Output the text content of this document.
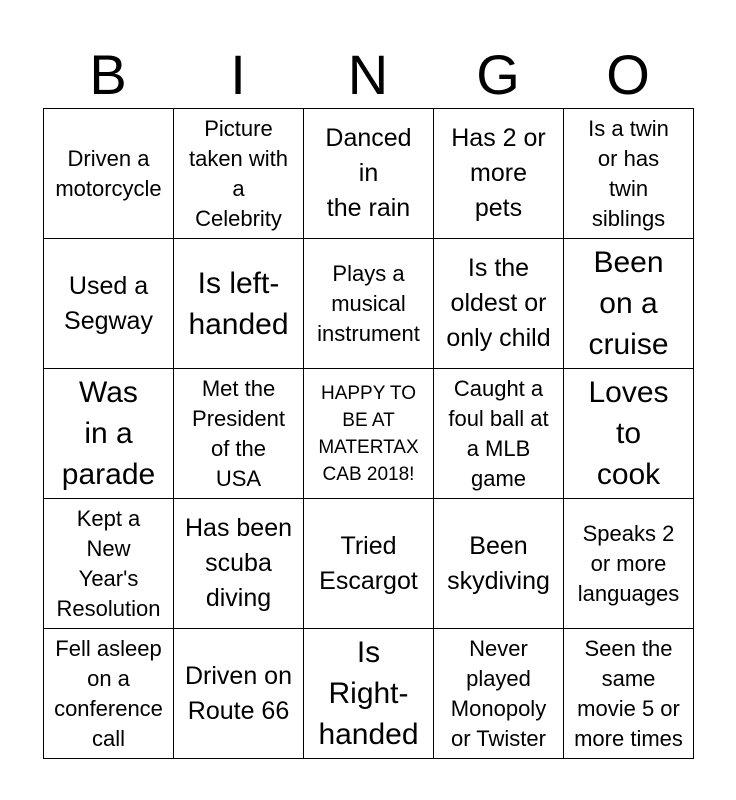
B	I	N	G	O
Driven a
motorcycle	Picture
taken with
a
Celebrity	Danced
in
the rain	Has 2 or
more
pets	Is a twin
or has
twin
siblings

Used a
Segway	Is left-
handed	Plays a
musical
instrument	Is the
oldest or
only child	Been
on a
cruise

Was
in a
parade	Met the
President
of the
USA	HAPPY TO
BE AT
MATERTAX
CAB 2018!	Caught a
foul ball at
a MLB
game	Loves
to
cook

Kept a
New
Year's
Resolution	Has been
scuba
diving	Tried
Escargot	Been
skydiving	Speaks 2
or more
languages

Fell asleep
on a
conference
call	Driven on
Route 66	Is
Right-
handed	Never
played
Monopoly
or Twister	Seen the
same
movie 5 or
more times
